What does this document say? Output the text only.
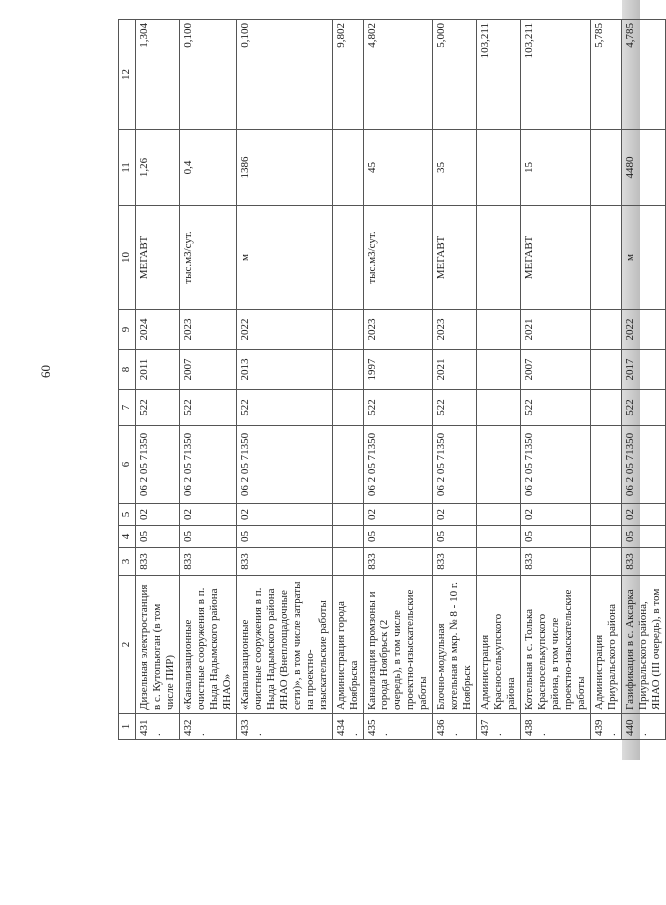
60
1	2	3	4	5	6	7	8	9	10	11	12
431.	Дизельная электростанция в с. Кутопьюган (в том числе ПИР)	833	05	02	06 2 05 71350	522	2011	2024	МЕГАВТ	1,26	1,304
432.	«Канализационные очистные сооружения в п. Ныда Надымского района ЯНАО»	833	05	02	06 2 05 71350	522	2007	2023	тыс.м3/сут.	0,4	0,100
433.	«Канализационные очистные сооружения в п. Ныда Надымского района ЯНАО (Внеплощадочные сети)», в том числе затраты на проектно-изыскательские работы	833	05	02	06 2 05 71350	522	2013	2022	м	1386	0,100
434.	Администрация города Ноябрьска										9,802
435.	Канализация промзоны и города Ноябрьск (2 очередь), в том числе проектно-изыскательские работы	833	05	02	06 2 05 71350	522	1997	2023	тыс.м3/сут.	45	4,802
436.	Блочно-модульная котельная в мкр. № 8 - 10 г. Ноябрьск	833	05	02	06 2 05 71350	522	2021	2023	МЕГАВТ	35	5,000
437.	Администрация Красноселькупского района										103,211
438.	Котельная в с. Толька Красноселькупского района, в том числе проектно-изыскательские работы	833	05	02	06 2 05 71350	522	2007	2021	МЕГАВТ	15	103,211
439.	Администрация Приуральского района										5,785
440.	Газификация в с. Аксарка Приуральского района, ЯНАО (III очередь), в том	833	05	02	06 2 05 71350	522	2017	2022	м	4480	4,785
